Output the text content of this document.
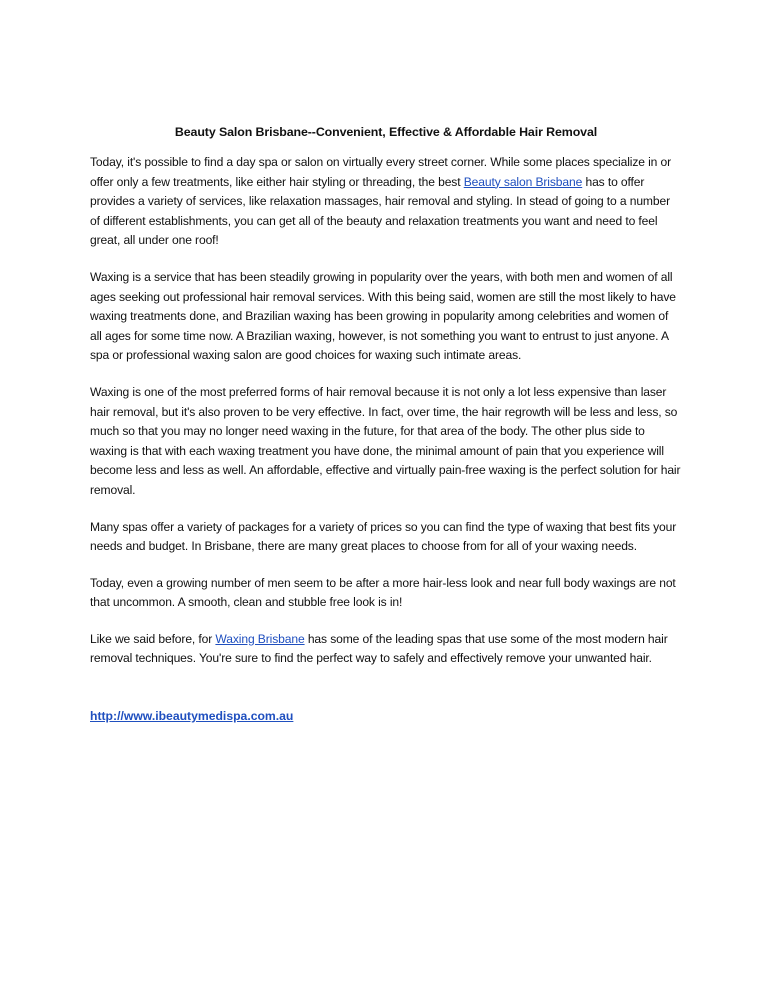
Beauty Salon Brisbane--Convenient, Effective & Affordable Hair Removal

Today, it's possible to find a day spa or salon on virtually every street corner. While some places specialize in or offer only a few treatments, like either hair styling or threading, the best Beauty salon Brisbane has to offer provides a variety of services, like relaxation massages, hair removal and styling. In stead of going to a number of different establishments, you can get all of the beauty and relaxation treatments you want and need to feel great, all under one roof!

Waxing is a service that has been steadily growing in popularity over the years, with both men and women of all ages seeking out professional hair removal services. With this being said, women are still the most likely to have waxing treatments done, and Brazilian waxing has been growing in popularity among celebrities and women of all ages for some time now. A Brazilian waxing, however, is not something you want to entrust to just anyone. A spa or professional waxing salon are good choices for waxing such intimate areas.

Waxing is one of the most preferred forms of hair removal because it is not only a lot less expensive than laser hair removal, but it's also proven to be very effective. In fact, over time, the hair regrowth will be less and less, so much so that you may no longer need waxing in the future, for that area of the body. The other plus side to waxing is that with each waxing treatment you have done, the minimal amount of pain that you experience will become less and less as well. An affordable, effective and virtually pain-free waxing is the perfect solution for hair removal.

Many spas offer a variety of packages for a variety of prices so you can find the type of waxing that best fits your needs and budget. In Brisbane, there are many great places to choose from for all of your waxing needs.

Today, even a growing number of men seem to be after a more hair-less look and near full body waxings are not that uncommon. A smooth, clean and stubble free look is in!

Like we said before, for Waxing Brisbane has some of the leading spas that use some of the most modern hair removal techniques. You're sure to find the perfect way to safely and effectively remove your unwanted hair.

http://www.ibeautymedispa.com.au
